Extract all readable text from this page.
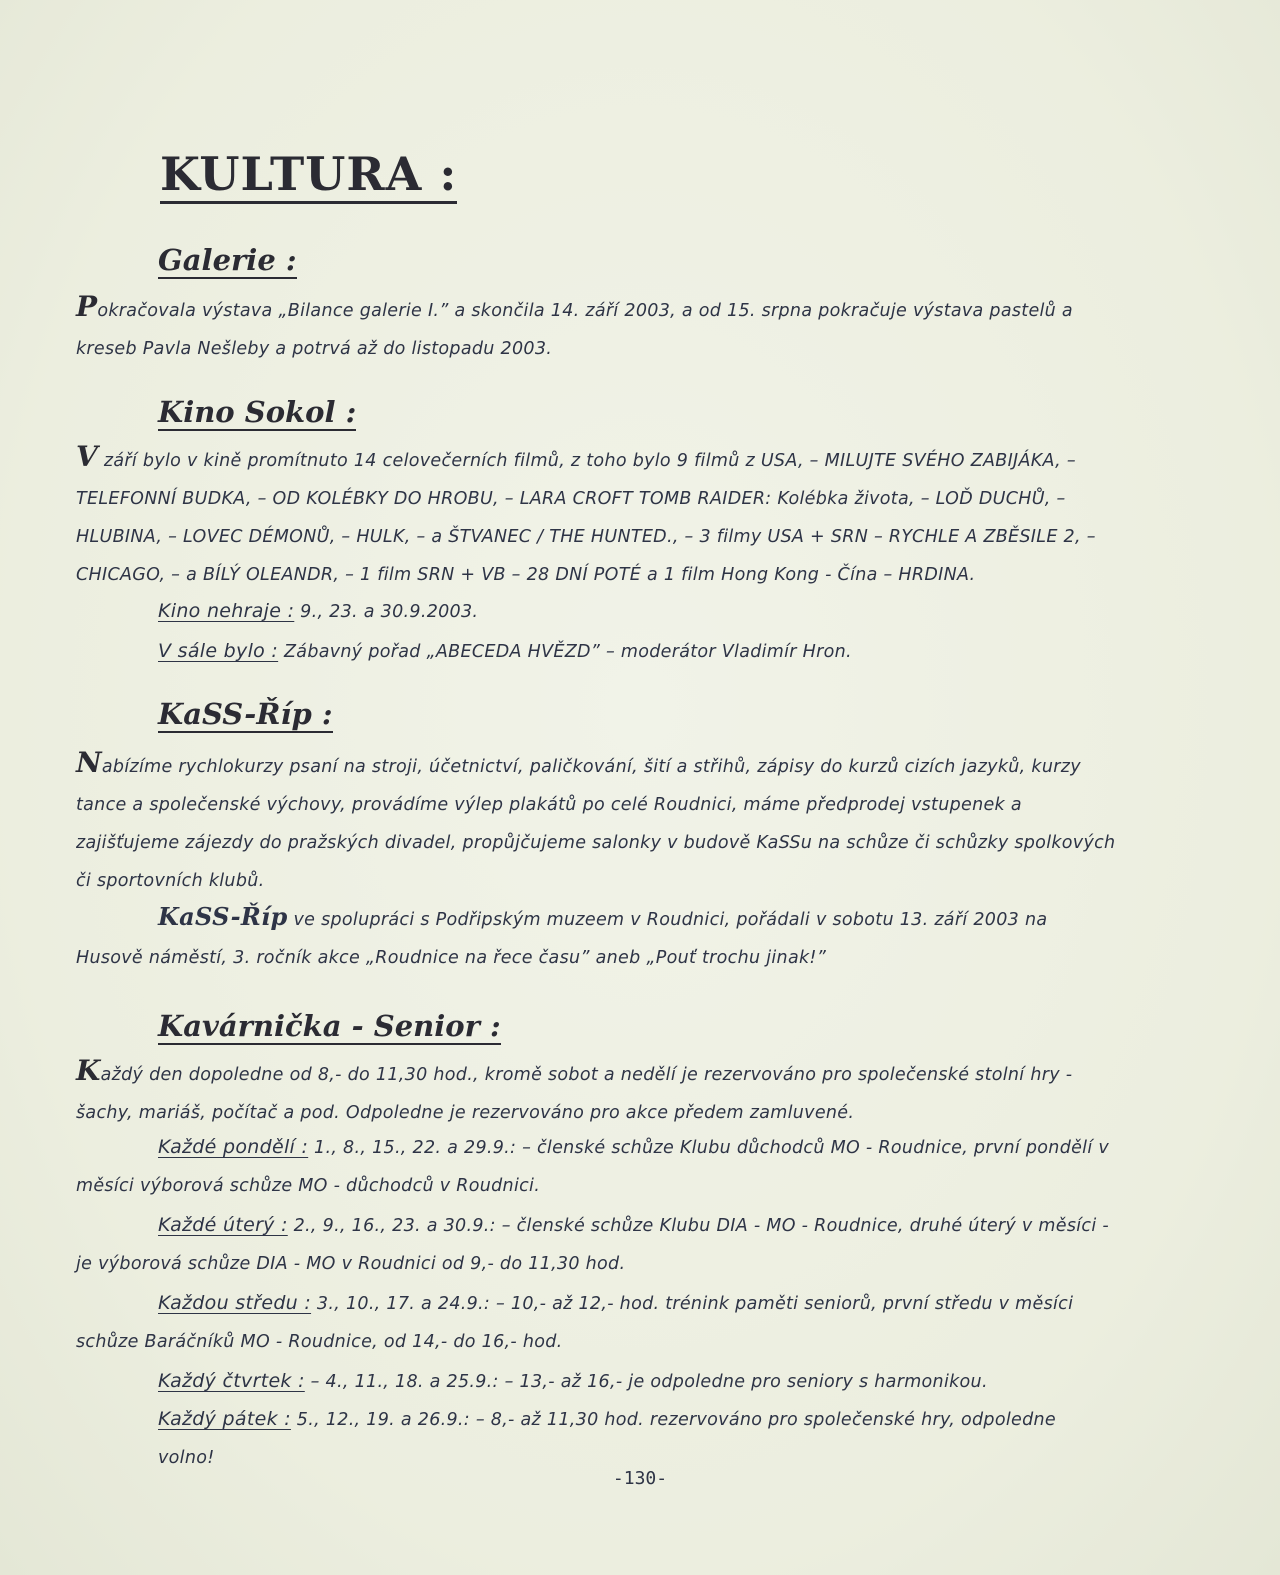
KULTURA :
Galerie :

Pokračovala výstava „Bilance galerie I.” a skončila 14. září 2003, a od 15. srpna pokračuje výstava pastelů a kreseb Pavla Nešleby a potrvá až do listopadu 2003.

Kino Sokol :

V září bylo v kině promítnuto 14 celovečerních filmů, z toho bylo 9 filmů z USA, – MILUJTE SVÉHO ZABIJÁKA, – TELEFONNÍ BUDKA, – OD KOLÉBKY DO HROBU, – LARA CROFT TOMB RAIDER: Kolébka života, – LOĎ DUCHŮ, – HLUBINA, – LOVEC DÉMONŮ, – HULK, – a ŠTVANEC / THE HUNTED., – 3 filmy USA + SRN – RYCHLE A ZBĚSILE 2, – CHICAGO, – a BÍLÝ OLEANDR, – 1 film SRN + VB – 28 DNÍ POTÉ a 1 film Hong Kong - Čína – HRDINA.

Kino nehraje : 9., 23. a 30.9.2003.

V sále bylo : Zábavný pořad „ABECEDA HVĚZD” – moderátor Vladimír Hron.

KaSS-Říp :

Nabízíme rychlokurzy psaní na stroji, účetnictví, paličkování, šití a střihů, zápisy do kurzů cizích jazyků, kurzy tance a společenské výchovy, provádíme výlep plakátů po celé Roudnici, máme předprodej vstupenek a zajišťujeme zájezdy do pražských divadel, propůjčujeme salonky v budově KaSSu na schůze či schůzky spolkových či sportovních klubů.

KaSS-Říp ve spolupráci s Podřipským muzeem v Roudnici, pořádali v sobotu 13. září 2003 na Husově náměstí, 3. ročník akce „Roudnice na řece času” aneb „Pouť trochu jinak!”

Kavárnička - Senior :

Každý den dopoledne od 8,- do 11,30 hod., kromě sobot a nedělí je rezervováno pro společenské stolní hry - šachy, mariáš, počítač a pod. Odpoledne je rezervováno pro akce předem zamluvené.

Každé pondělí : 1., 8., 15., 22. a 29.9.: – členské schůze Klubu důchodců MO - Roudnice, první pondělí v měsíci výborová schůze MO - důchodců v Roudnici.

Každé úterý : 2., 9., 16., 23. a 30.9.: – členské schůze Klubu DIA - MO - Roudnice, druhé úterý v měsíci - je výborová schůze DIA - MO v Roudnici od 9,- do 11,30 hod.

Každou středu : 3., 10., 17. a 24.9.: – 10,- až 12,- hod. trénink paměti seniorů, první středu v měsíci schůze Baráčníků MO - Roudnice, od 14,- do 16,- hod.

Každý čtvrtek : – 4., 11., 18. a 25.9.: – 13,- až 16,- je odpoledne pro seniory s harmonikou.

Každý pátek : 5., 12., 19. a 26.9.: – 8,- až 11,30 hod. rezervováno pro společenské hry, odpoledne volno!

-130-
